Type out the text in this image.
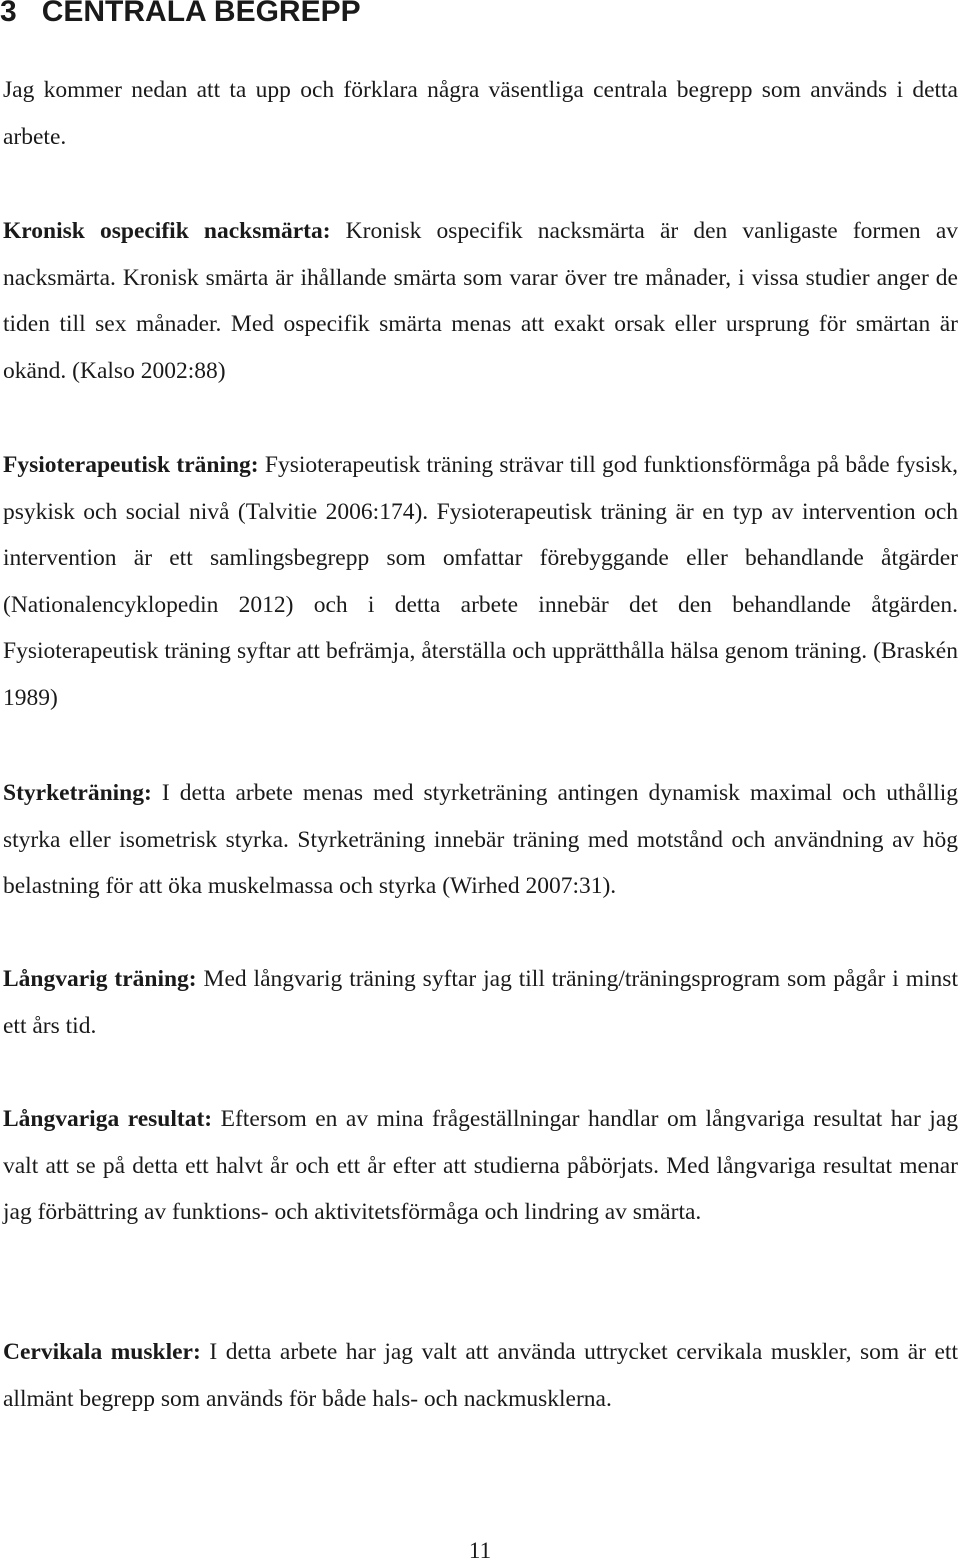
3 CENTRALA BEGREPP

Jag kommer nedan att ta upp och förklara några väsentliga centrala begrepp som används i detta arbete.

Kronisk ospecifik nacksmärta: Kronisk ospecifik nacksmärta är den vanligaste formen av nacksmärta. Kronisk smärta är ihållande smärta som varar över tre månader, i vissa studier anger de tiden till sex månader. Med ospecifik smärta menas att exakt orsak eller ursprung för smärtan är okänd. (Kalso 2002:88)

Fysioterapeutisk träning: Fysioterapeutisk träning strävar till god funktionsförmåga på både fysisk, psykisk och social nivå (Talvitie 2006:174). Fysioterapeutisk träning är en typ av intervention och intervention är ett samlingsbegrepp som omfattar förebyggande eller behandlande åtgärder (Nationalencyklopedin 2012) och i detta arbete innebär det den behandlande åtgärden. Fysioterapeutisk träning syftar att befrämja, återställa och upprätthålla hälsa genom träning. (Braskén 1989)

Styrketräning: I detta arbete menas med styrketräning antingen dynamisk maximal och uthållig styrka eller isometrisk styrka. Styrketräning innebär träning med motstånd och användning av hög belastning för att öka muskelmassa och styrka (Wirhed 2007:31).

Långvarig träning: Med långvarig träning syftar jag till träning/träningsprogram som pågår i minst ett års tid.

Långvariga resultat: Eftersom en av mina frågeställningar handlar om långvariga resultat har jag valt att se på detta ett halvt år och ett år efter att studierna påbörjats. Med långvariga resultat menar jag förbättring av funktions- och aktivitetsförmåga och lindring av smärta.

Cervikala muskler: I detta arbete har jag valt att använda uttrycket cervikala muskler, som är ett allmänt begrepp som används för både hals- och nackmusklerna.

11
